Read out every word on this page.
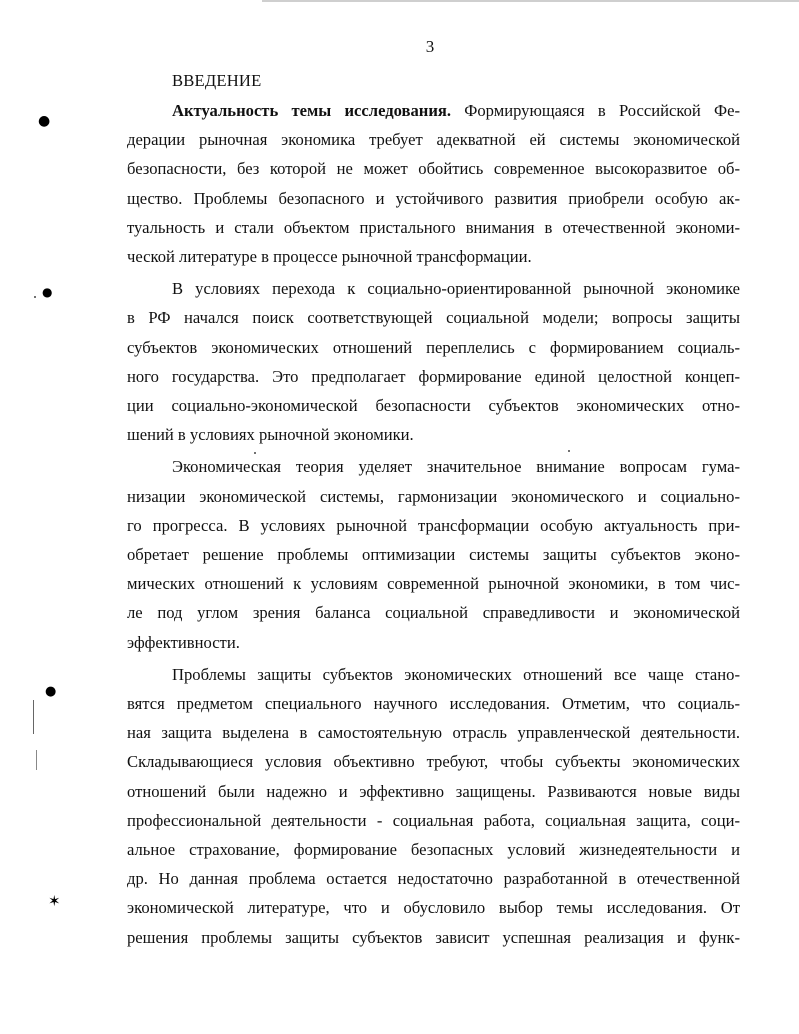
3
ВВЕДЕНИЕ
Актуальность темы исследования. Формирующаяся в Российской Фе-
дерации рыночная экономика требует адекватной ей системы экономической
безопасности, без которой не может обойтись современное высокоразвитое об-
щество. Проблемы безопасного и устойчивого развития приобрели особую ак-
туальность и стали объектом пристального внимания в отечественной экономи-
ческой литературе в процессе рыночной трансформации.
В условиях перехода к социально-ориентированной рыночной экономике
в РФ начался поиск соответствующей социальной модели; вопросы защиты
субъектов экономических отношений переплелись с формированием социаль-
ного государства. Это предполагает формирование единой целостной концеп-
ции социально-экономической безопасности субъектов экономических отно-
шений в условиях рыночной экономики.
Экономическая теория уделяет значительное внимание вопросам гума-
низации экономической системы, гармонизации экономического и социально-
го прогресса. В условиях рыночной трансформации особую актуальность при-
обретает решение проблемы оптимизации системы защиты субъектов эконо-
мических отношений к условиям современной рыночной экономики, в том чис-
ле под углом зрения баланса социальной справедливости и экономической
эффективности.
Проблемы защиты субъектов экономических отношений все чаще стано-
вятся предметом специального научного исследования. Отметим, что социаль-
ная защита выделена в самостоятельную отрасль управленческой деятельности.
Складывающиеся условия объективно требуют, чтобы субъекты экономических
отношений были надежно и эффективно защищены. Развиваются новые виды
профессиональной деятельности - социальная работа, социальная защита, соци-
альное страхование, формирование безопасных условий жизнедеятельности и
др. Но данная проблема остается недостаточно разработанной в отечественной
экономической литературе, что и обусловило выбор темы исследования. От
решения проблемы защиты субъектов зависит успешная реализация и функ-
●
●
●
✶
